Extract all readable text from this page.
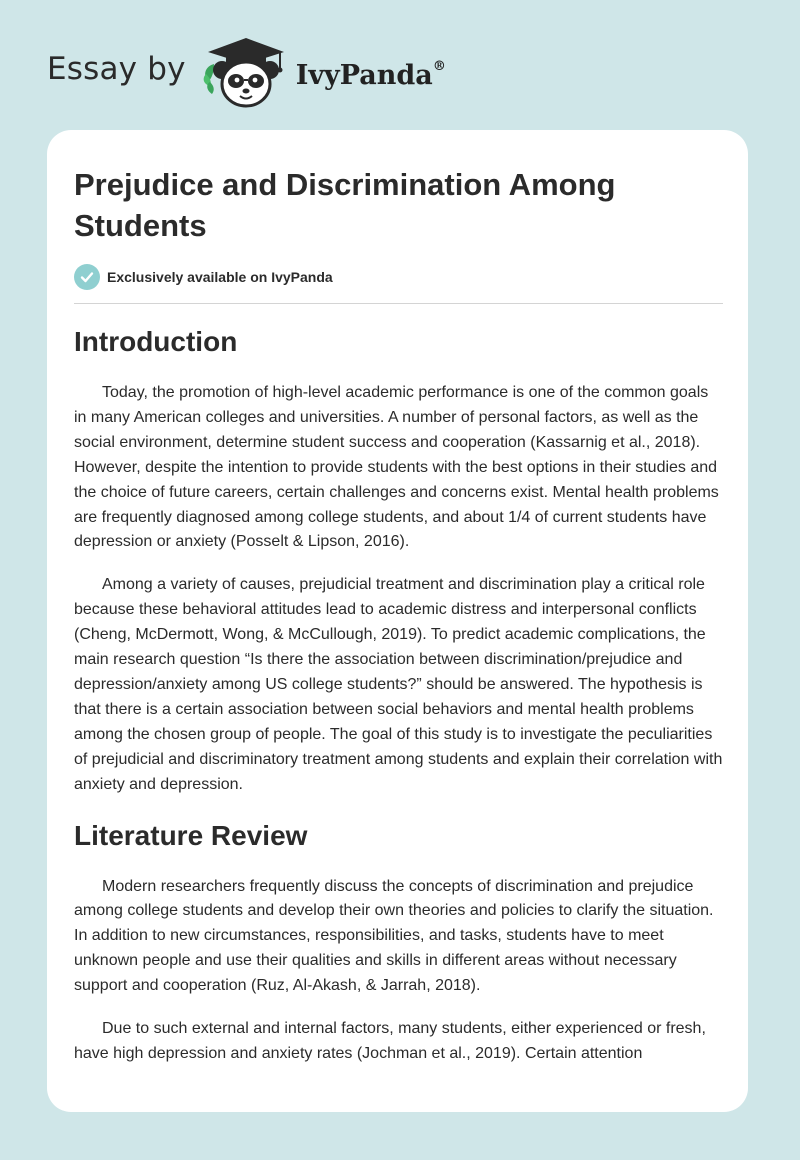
Essay by	IvyPanda®
Prejudice and Discrimination Among Students
Exclusively available on IvyPanda
Introduction

Today, the promotion of high-level academic performance is one of the common goals in many American colleges and universities. A number of personal factors, as well as the social environment, determine student success and cooperation (Kassarnig et al., 2018). However, despite the intention to provide students with the best options in their studies and the choice of future careers, certain challenges and concerns exist. Mental health problems are frequently diagnosed among college students, and about 1/4 of current students have depression or anxiety (Posselt & Lipson, 2016).

Among a variety of causes, prejudicial treatment and discrimination play a critical role because these behavioral attitudes lead to academic distress and interpersonal conflicts (Cheng, McDermott, Wong, & McCullough, 2019). To predict academic complications, the main research question “Is there the association between discrimination/prejudice and depression/anxiety among US college students?” should be answered. The hypothesis is that there is a certain association between social behaviors and mental health problems among the chosen group of people. The goal of this study is to investigate the peculiarities of prejudicial and discriminatory treatment among students and explain their correlation with anxiety and depression.

Literature Review

Modern researchers frequently discuss the concepts of discrimination and prejudice among college students and develop their own theories and policies to clarify the situation. In addition to new circumstances, responsibilities, and tasks, students have to meet unknown people and use their qualities and skills in different areas without necessary support and cooperation (Ruz, Al-Akash, & Jarrah, 2018).

Due to such external and internal factors, many students, either experienced or fresh, have high depression and anxiety rates (Jochman et al., 2019). Certain attention
